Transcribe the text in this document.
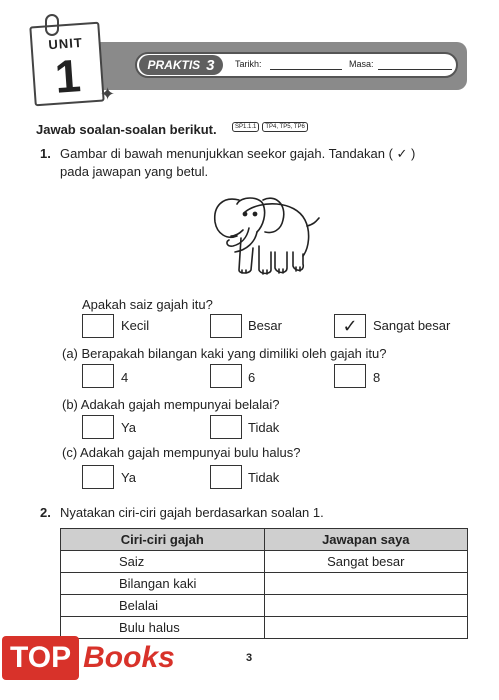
PRAKTIS 3 Tarikh:	Masa:
UNIT
1 ✦
Jawab soalan-soalan berikut.	SP1.1.1	TP4, TP5, TP6
1. Gambar di bawah menunjukkan seekor gajah. Tandakan ( ✓ )
pada jawapan yang betul.
Apakah saiz gajah itu?
Kecil	Besar	✓ Sangat besar
(a) Berapakah bilangan kaki yang dimiliki oleh gajah itu?
4	6	8
(b) Adakah gajah mempunyai belalai?
Ya	Tidak
(c) Adakah gajah mempunyai bulu halus?
Ya	Tidak
2. Nyatakan ciri-ciri gajah berdasarkan soalan 1.
Ciri-ciri gajah	Jawapan saya
Saiz	Sangat besar
Bilangan kaki	
Belalai	
Bulu halus	
3
TOP Books
